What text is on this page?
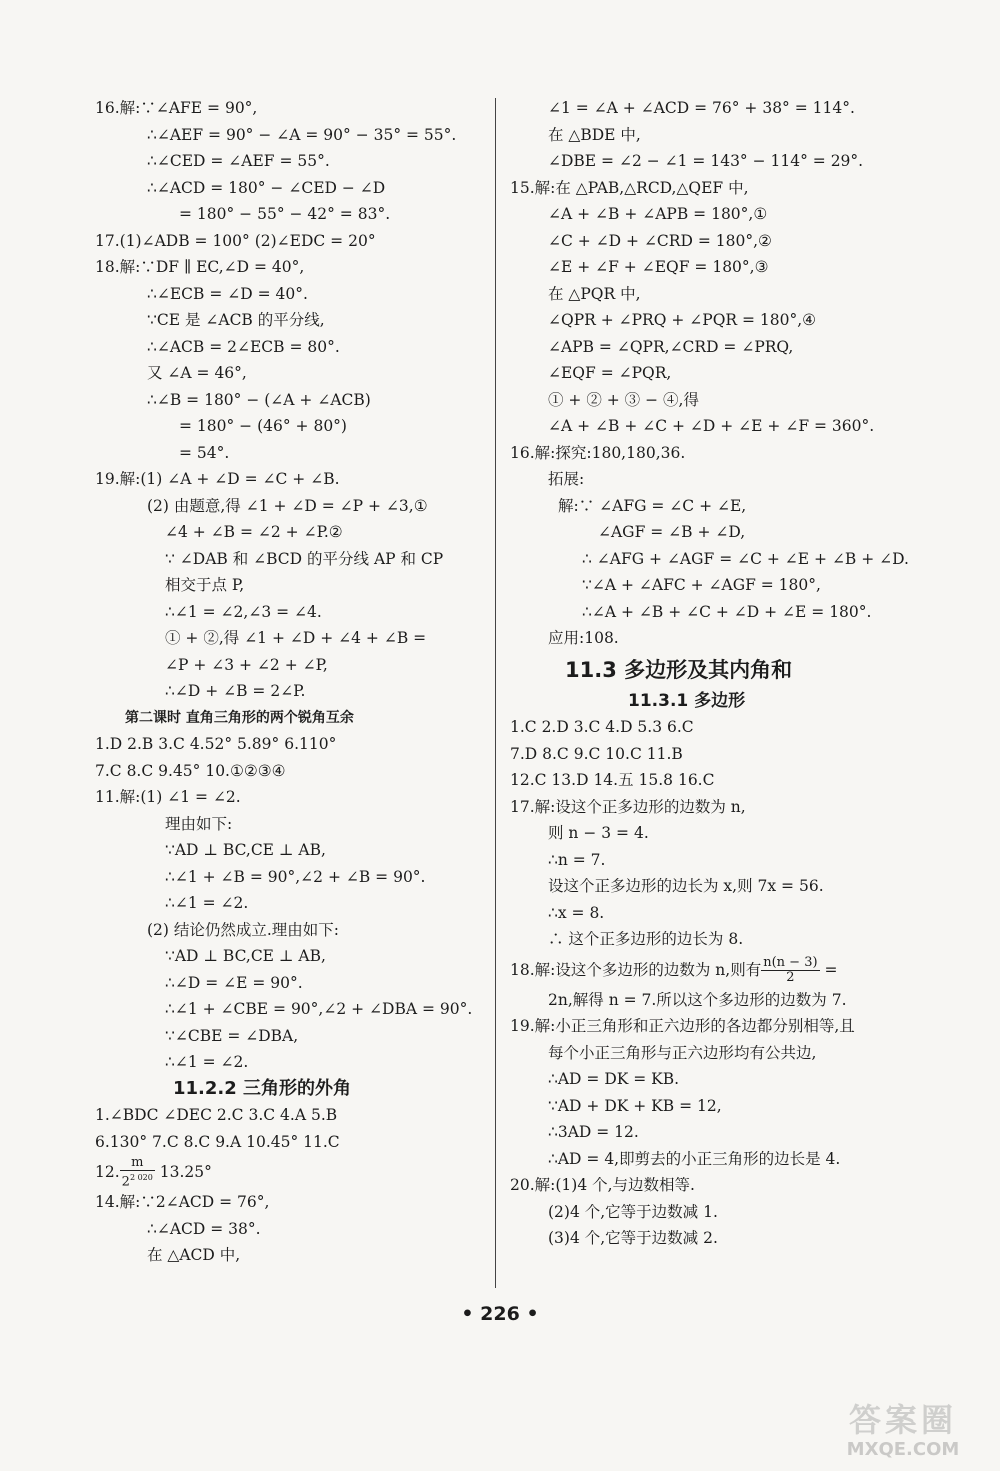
16.解:∵∠AFE = 90°,
∴∠AEF = 90° − ∠A = 90° − 35° = 55°.
∴∠CED = ∠AEF = 55°.
∴∠ACD = 180° − ∠CED − ∠D
= 180° − 55° − 42° = 83°.
17.(1)∠ADB = 100° (2)∠EDC = 20°
18.解:∵DF ∥ EC,∠D = 40°,
∴∠ECB = ∠D = 40°.
∵CE 是 ∠ACB 的平分线,
∴∠ACB = 2∠ECB = 80°.
又 ∠A = 46°,
∴∠B = 180° − (∠A + ∠ACB)
= 180° − (46° + 80°)
= 54°.
19.解:(1) ∠A + ∠D = ∠C + ∠B.
(2) 由题意,得 ∠1 + ∠D = ∠P + ∠3,①
∠4 + ∠B = ∠2 + ∠P.②
∵ ∠DAB 和 ∠BCD 的平分线 AP 和 CP
相交于点 P,
∴∠1 = ∠2,∠3 = ∠4.
① + ②,得 ∠1 + ∠D + ∠4 + ∠B =
∠P + ∠3 + ∠2 + ∠P,
∴∠D + ∠B = 2∠P.
第二课时 直角三角形的两个锐角互余
1.D 2.B 3.C 4.52° 5.89° 6.110°
7.C 8.C 9.45° 10.①②③④
11.解:(1) ∠1 = ∠2.
理由如下:
∵AD ⊥ BC,CE ⊥ AB,
∴∠1 + ∠B = 90°,∠2 + ∠B = 90°.
∴∠1 = ∠2.
(2) 结论仍然成立.理由如下:
∵AD ⊥ BC,CE ⊥ AB,
∴∠D = ∠E = 90°.
∴∠1 + ∠CBE = 90°,∠2 + ∠DBA = 90°.
∵∠CBE = ∠DBA,
∴∠1 = ∠2.
11.2.2 三角形的外角
1.∠BDC ∠DEC 2.C 3.C 4.A 5.B
6.130° 7.C 8.C 9.A 10.45° 11.C
12. $\frac{m}{2^{2 020}} 13.25^\circ$
14.解:∵2∠ACD = 76°,
∴∠ACD = 38°.
在 △ACD 中,
∠1 = ∠A + ∠ACD = 76° + 38° = 114°.
在 △BDE 中,
∠DBE = ∠2 − ∠1 = 143° − 114° = 29°.
15.解:在 △PAB,△RCD,△QEF 中,
∠A + ∠B + ∠APB = 180°,①
∠C + ∠D + ∠CRD = 180°,②
∠E + ∠F + ∠EQF = 180°,③
在 △PQR 中,
∠QPR + ∠PRQ + ∠PQR = 180°,④
∠APB = ∠QPR,∠CRD = ∠PRQ,
∠EQF = ∠PQR,
① + ② + ③ − ④,得
∠A + ∠B + ∠C + ∠D + ∠E + ∠F = 360°.
16.解:探究:180,180,36.
拓展:
解:∵ ∠AFG = ∠C + ∠E,
∠AGF = ∠B + ∠D,
∴ ∠AFG + ∠AGF = ∠C + ∠E + ∠B + ∠D.
∵∠A + ∠AFC + ∠AGF = 180°,
∴∠A + ∠B + ∠C + ∠D + ∠E = 180°.
应用:108.
11.3 多边形及其内角和
11.3.1 多边形
1.C 2.D 3.C 4.D 5.3 6.C
7.D 8.C 9.C 10.C 11.B
12.C 13.D 14.五 15.8 16.C
17.解:设这个正多边形的边数为 n,
则 n − 3 = 4.
∴n = 7.
设这个正多边形的边长为 x,则 7x = 56.
∴x = 8.
∴ 这个正多边形的边长为 8.
18.解:设这个多边形的边数为 n,则有 $\frac{n(n - 3)}{2}$ =
2n,解得 n = 7.所以这个多边形的边数为 7.
19.解:小正三角形和正六边形的各边都分别相等,且
每个小正三角形与正六边形均有公共边,
∴AD = DK = KB.
∵AD + DK + KB = 12,
∴3AD = 12.
∴AD = 4,即剪去的小正三角形的边长是 4.
20.解:(1)4 个,与边数相等.
(2)4 个,它等于边数减 1.
(3)4 个,它等于边数减 2.
• 226 •
答案圈
MXQE.COM
